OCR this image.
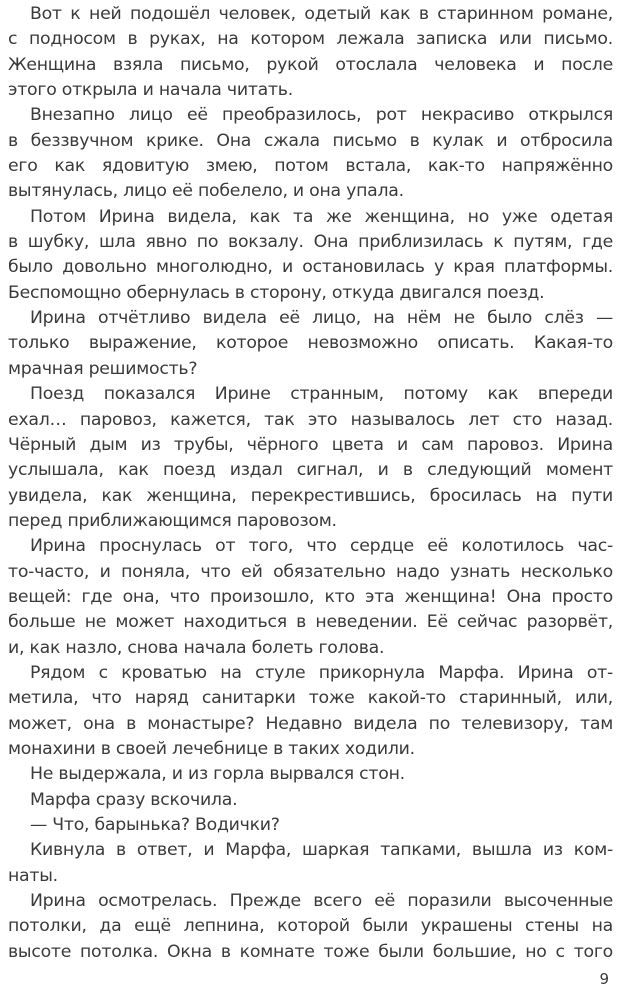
Вот к ней подошёл человек, одетый как в старинном романе,
с подносом в руках, на котором лежала записка или письмо.
Женщина взяла письмо, рукой отослала человека и после
этого открыла и начала читать.
Внезапно лицо её преобразилось, рот некрасиво открылся
в беззвучном крике. Она сжала письмо в кулак и отбросила
его как ядовитую змею, потом встала, как-то напряжённо
вытянулась, лицо её побелело, и она упала.
Потом Ирина видела, как та же женщина, но уже одетая
в шубку, шла явно по вокзалу. Она приблизилась к путям, где
было довольно многолюдно, и остановилась у края платформы.
Беспомощно обернулась в сторону, откуда двигался поезд.
Ирина отчётливо видела её лицо, на нём не было слёз —
только выражение, которое невозможно описать. Какая-то
мрачная решимость?
Поезд показался Ирине странным, потому как впереди
ехал… паровоз, кажется, так это называлось лет сто назад.
Чёрный дым из трубы, чёрного цвета и сам паровоз. Ирина
услышала, как поезд издал сигнал, и в следующий момент
увидела, как женщина, перекрестившись, бросилась на пути
перед приближающимся паровозом.
Ирина проснулась от того, что сердце её колотилось час-
то-часто, и поняла, что ей обязательно надо узнать несколько
вещей: где она, что произошло, кто эта женщина! Она просто
больше не может находиться в неведении. Её сейчас разорвёт,
и, как назло, снова начала болеть голова.
Рядом с кроватью на стуле прикорнула Марфа. Ирина от-
метила, что наряд санитарки тоже какой-то старинный, или,
может, она в монастыре? Недавно видела по телевизору, там
монахини в своей лечебнице в таких ходили.
Не выдержала, и из горла вырвался стон.
Марфа сразу вскочила.
— Что, барынька? Водички?
Кивнула в ответ, и Марфа, шаркая тапками, вышла из ком-
наты.
Ирина осмотрелась. Прежде всего её поразили высоченные
потолки, да ещё лепнина, которой были украшены стены на
высоте потолка. Окна в комнате тоже были большие, но с того
9
